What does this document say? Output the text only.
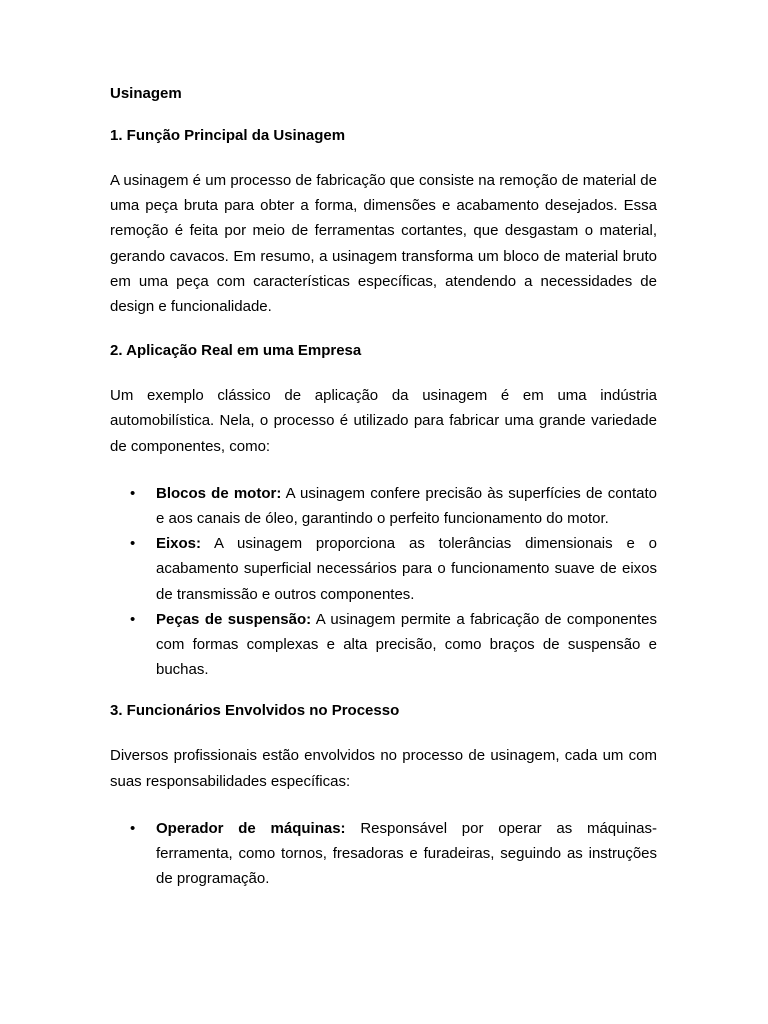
Usinagem

1. Função Principal da Usinagem

A usinagem é um processo de fabricação que consiste na remoção de material de uma peça bruta para obter a forma, dimensões e acabamento desejados. Essa remoção é feita por meio de ferramentas cortantes, que desgastam o material, gerando cavacos. Em resumo, a usinagem transforma um bloco de material bruto em uma peça com características específicas, atendendo a necessidades de design e funcionalidade.

2. Aplicação Real em uma Empresa

Um exemplo clássico de aplicação da usinagem é em uma indústria automobilística. Nela, o processo é utilizado para fabricar uma grande variedade de componentes, como:

• Blocos de motor: A usinagem confere precisão às superfícies de contato e aos canais de óleo, garantindo o perfeito funcionamento do motor.
• Eixos: A usinagem proporciona as tolerâncias dimensionais e o acabamento superficial necessários para o funcionamento suave de eixos de transmissão e outros componentes.
• Peças de suspensão: A usinagem permite a fabricação de componentes com formas complexas e alta precisão, como braços de suspensão e buchas.

3. Funcionários Envolvidos no Processo

Diversos profissionais estão envolvidos no processo de usinagem, cada um com suas responsabilidades específicas:

• Operador de máquinas: Responsável por operar as máquinas-ferramenta, como tornos, fresadoras e furadeiras, seguindo as instruções de programação.
